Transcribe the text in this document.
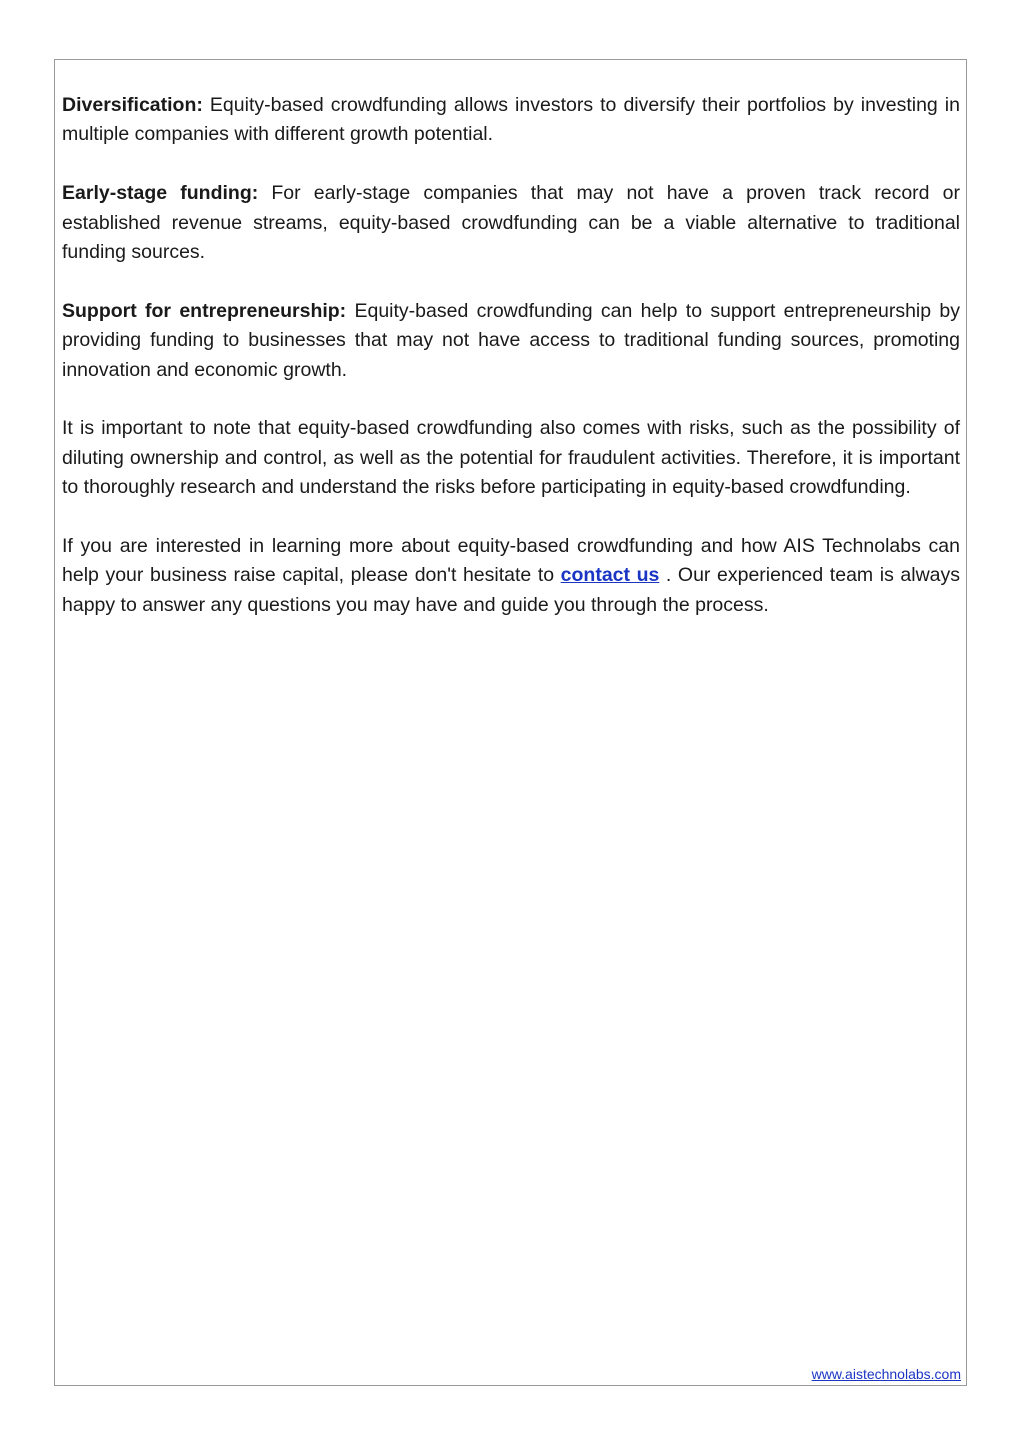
Diversification: Equity-based crowdfunding allows investors to diversify their portfolios by investing in multiple companies with different growth potential.

Early-stage funding: For early-stage companies that may not have a proven track record or established revenue streams, equity-based crowdfunding can be a viable alternative to traditional funding sources.

Support for entrepreneurship: Equity-based crowdfunding can help to support entrepreneurship by providing funding to businesses that may not have access to traditional funding sources, promoting innovation and economic growth.

It is important to note that equity-based crowdfunding also comes with risks, such as the possibility of diluting ownership and control, as well as the potential for fraudulent activities. Therefore, it is important to thoroughly research and understand the risks before participating in equity-based crowdfunding.

If you are interested in learning more about equity-based crowdfunding and how AIS Technolabs can help your business raise capital, please don't hesitate to contact us . Our experienced team is always happy to answer any questions you may have and guide you through the process.

www.aistechnolabs.com
